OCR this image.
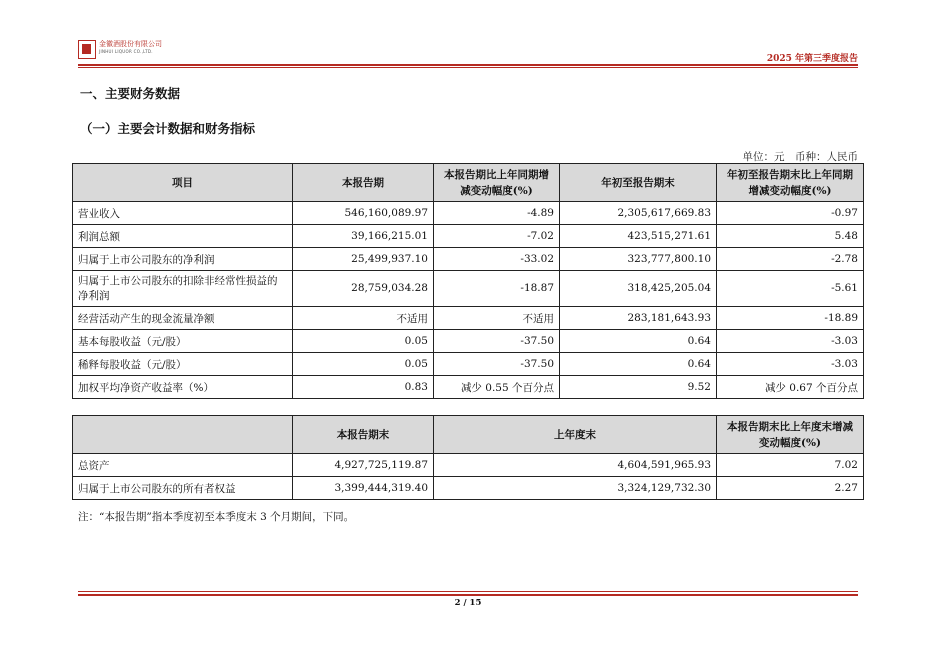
金徽酒股份有限公司
JINHUI LIQUOR CO.,LTD.
2025 年第三季度报告
一、主要财务数据
（一）主要会计数据和财务指标
单位：元　币种：人民币
项目	本报告期	本报告期比上年同期增减变动幅度(%)	年初至报告期末	年初至报告期末比上年同期增减变动幅度(%)
营业收入	546,160,089.97	-4.89	2,305,617,669.83	-0.97
利润总额	39,166,215.01	-7.02	423,515,271.61	5.48
归属于上市公司股东的净利润	25,499,937.10	-33.02	323,777,800.10	-2.78
归属于上市公司股东的扣除非经常性损益的净利润	28,759,034.28	-18.87	318,425,205.04	-5.61
经营活动产生的现金流量净额	不适用	不适用	283,181,643.93	-18.89
基本每股收益（元/股）	0.05	-37.50	0.64	-3.03
稀释每股收益（元/股）	0.05	-37.50	0.64	-3.03
加权平均净资产收益率（%）	0.83	减少 0.55 个百分点	9.52	减少 0.67 个百分点
	本报告期末	上年度末	本报告期末比上年度末增减变动幅度(%)
总资产	4,927,725,119.87	4,604,591,965.93	7.02
归属于上市公司股东的所有者权益	3,399,444,319.40	3,324,129,732.30	2.27
注：“本报告期”指本季度初至本季度末 3 个月期间，下同。
2 / 15
